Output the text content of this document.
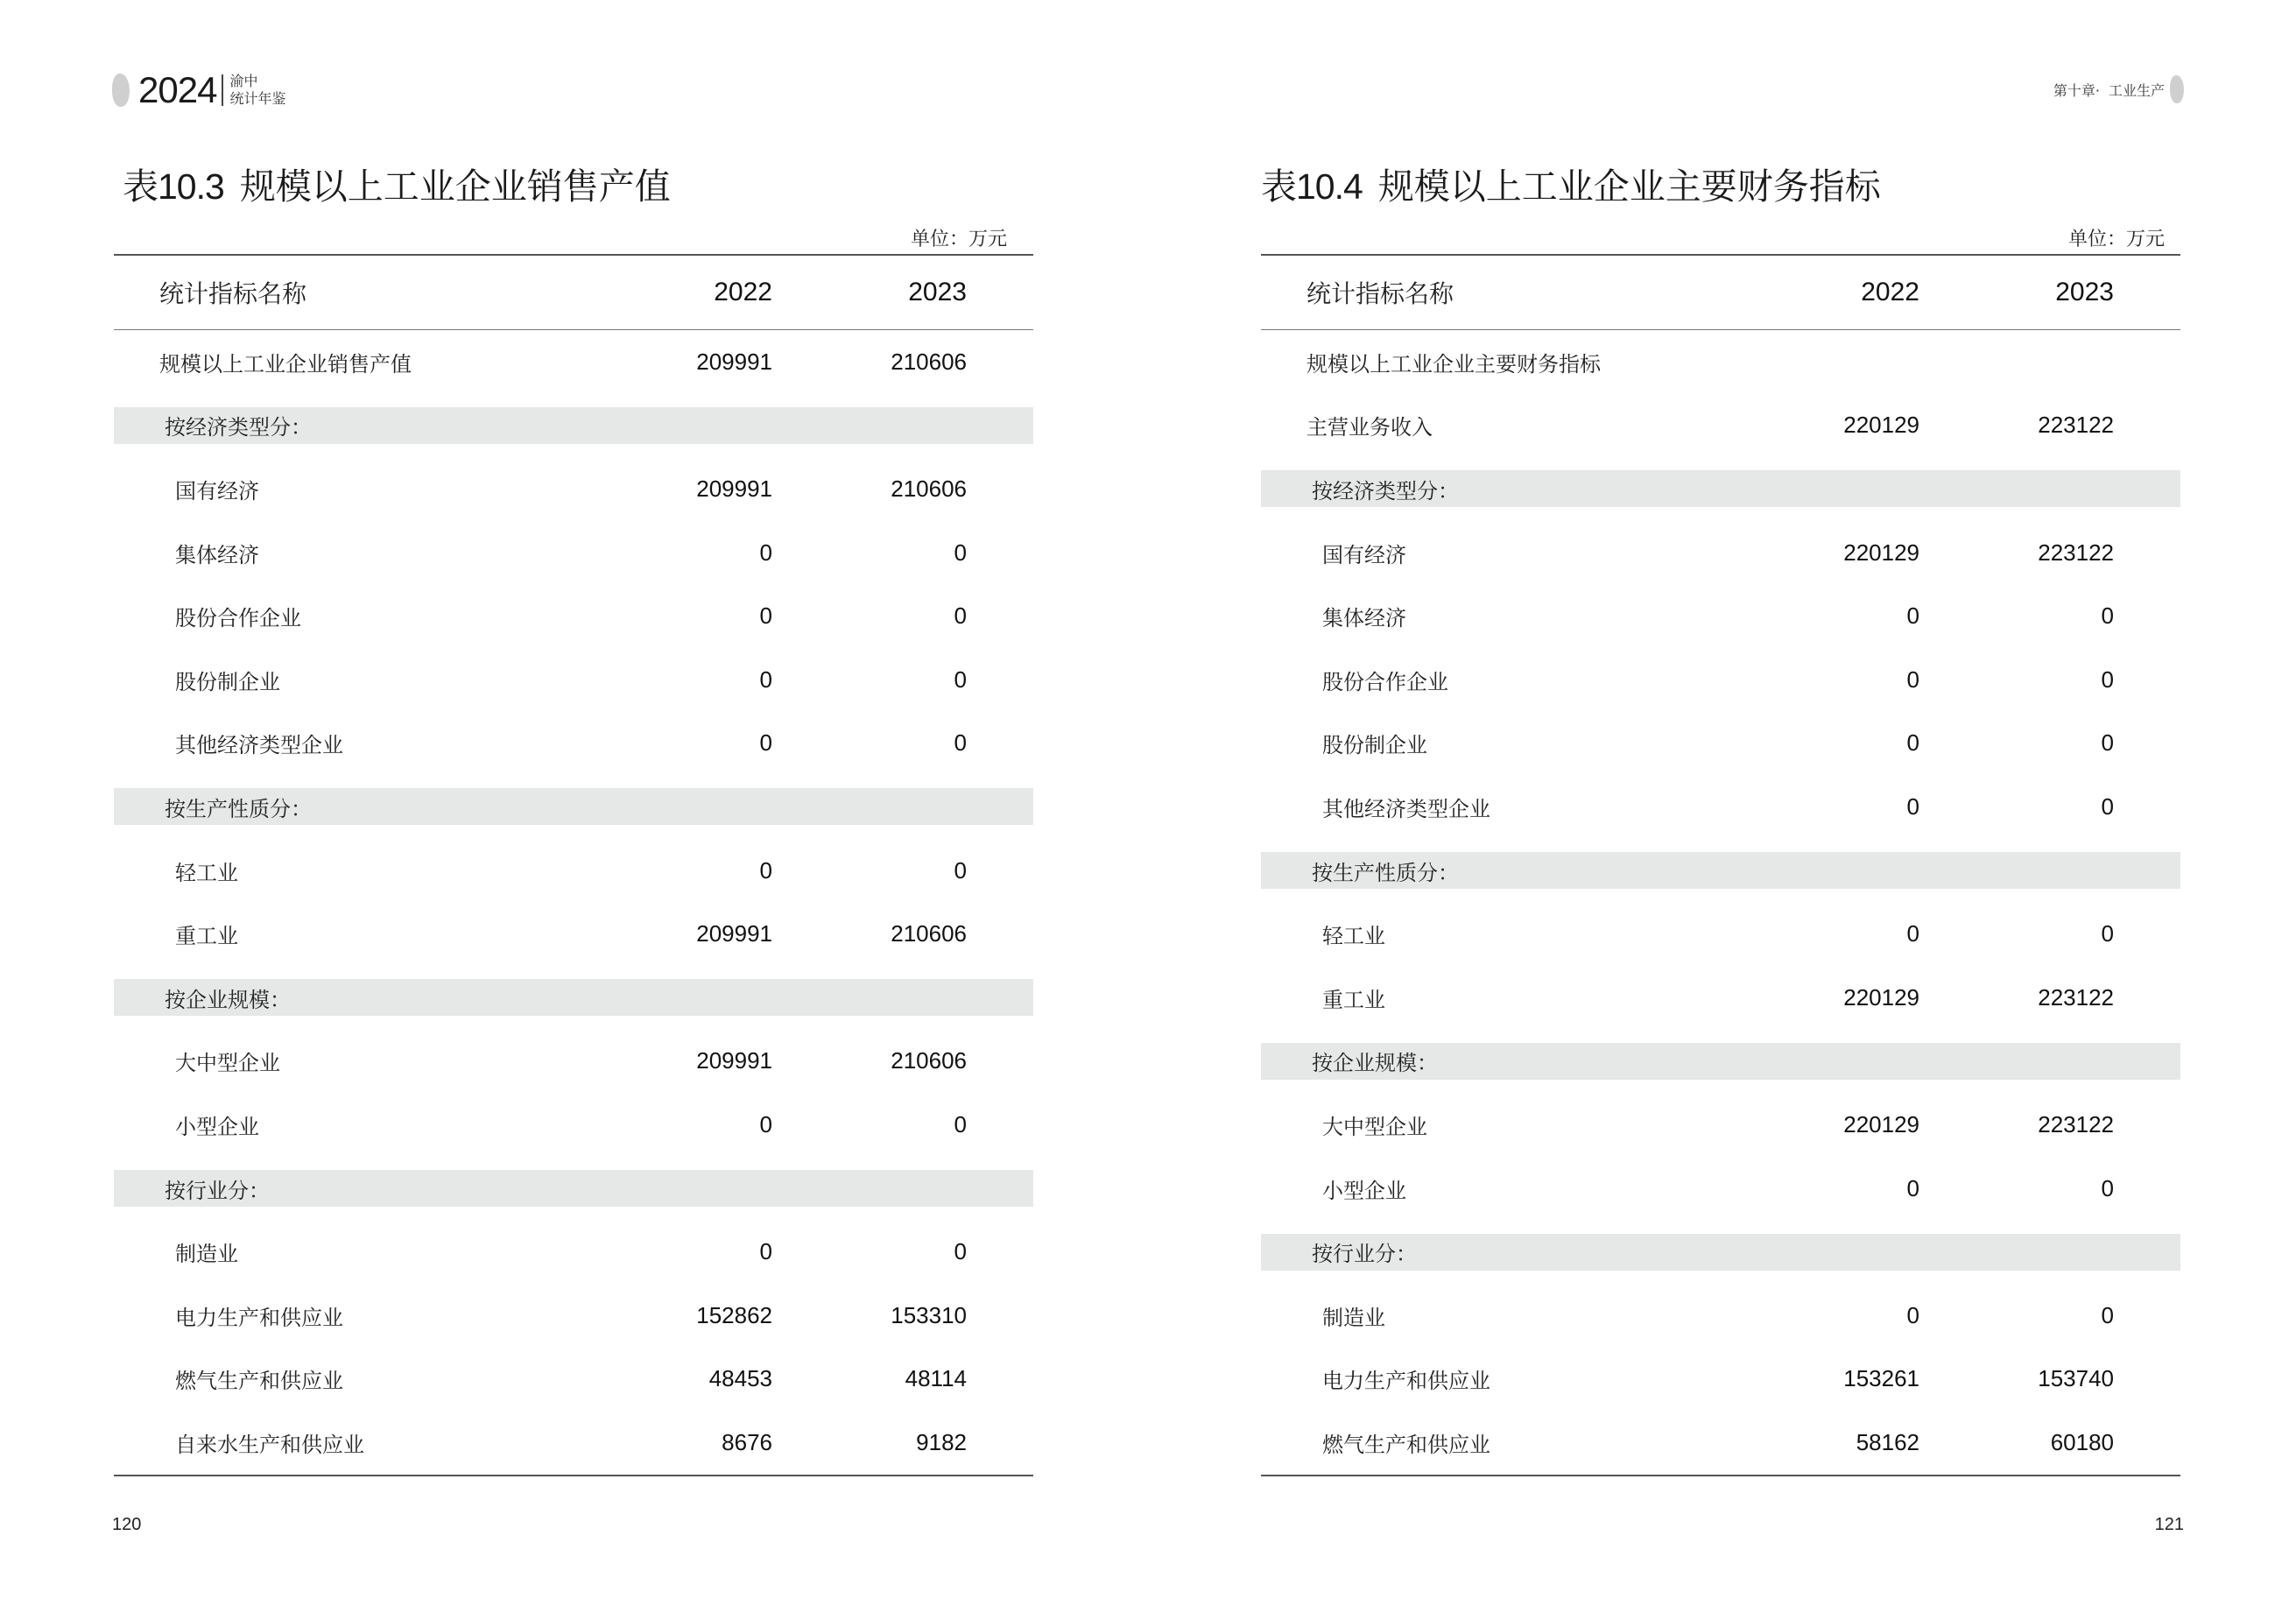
2024 渝中
统计年鉴	第十章· 工业生产
表10.3 规模以上工业企业销售产值
单位：万元
统计指标名称	2022	2023
规模以上工业企业销售产值	209991	210606
按经济类型分：
国有经济	209991	210606
集体经济	0	0
股份合作企业	0	0
股份制企业	0	0
其他经济类型企业	0	0
按生产性质分：
轻工业	0	0
重工业	209991	210606
按企业规模：
大中型企业	209991	210606
小型企业	0	0
按行业分：
制造业	0	0
电力生产和供应业	152862	153310
燃气生产和供应业	48453	48114
自来水生产和供应业	8676	9182
120
表10.4 规模以上工业企业主要财务指标
单位：万元
统计指标名称	2022	2023
规模以上工业企业主要财务指标
主营业务收入	220129	223122
按经济类型分：
国有经济	220129	223122
集体经济	0	0
股份合作企业	0	0
股份制企业	0	0
其他经济类型企业	0	0
按生产性质分：
轻工业	0	0
重工业	220129	223122
按企业规模：
大中型企业	220129	223122
小型企业	0	0
按行业分：
制造业	0	0
电力生产和供应业	153261	153740
燃气生产和供应业	58162	60180
121
